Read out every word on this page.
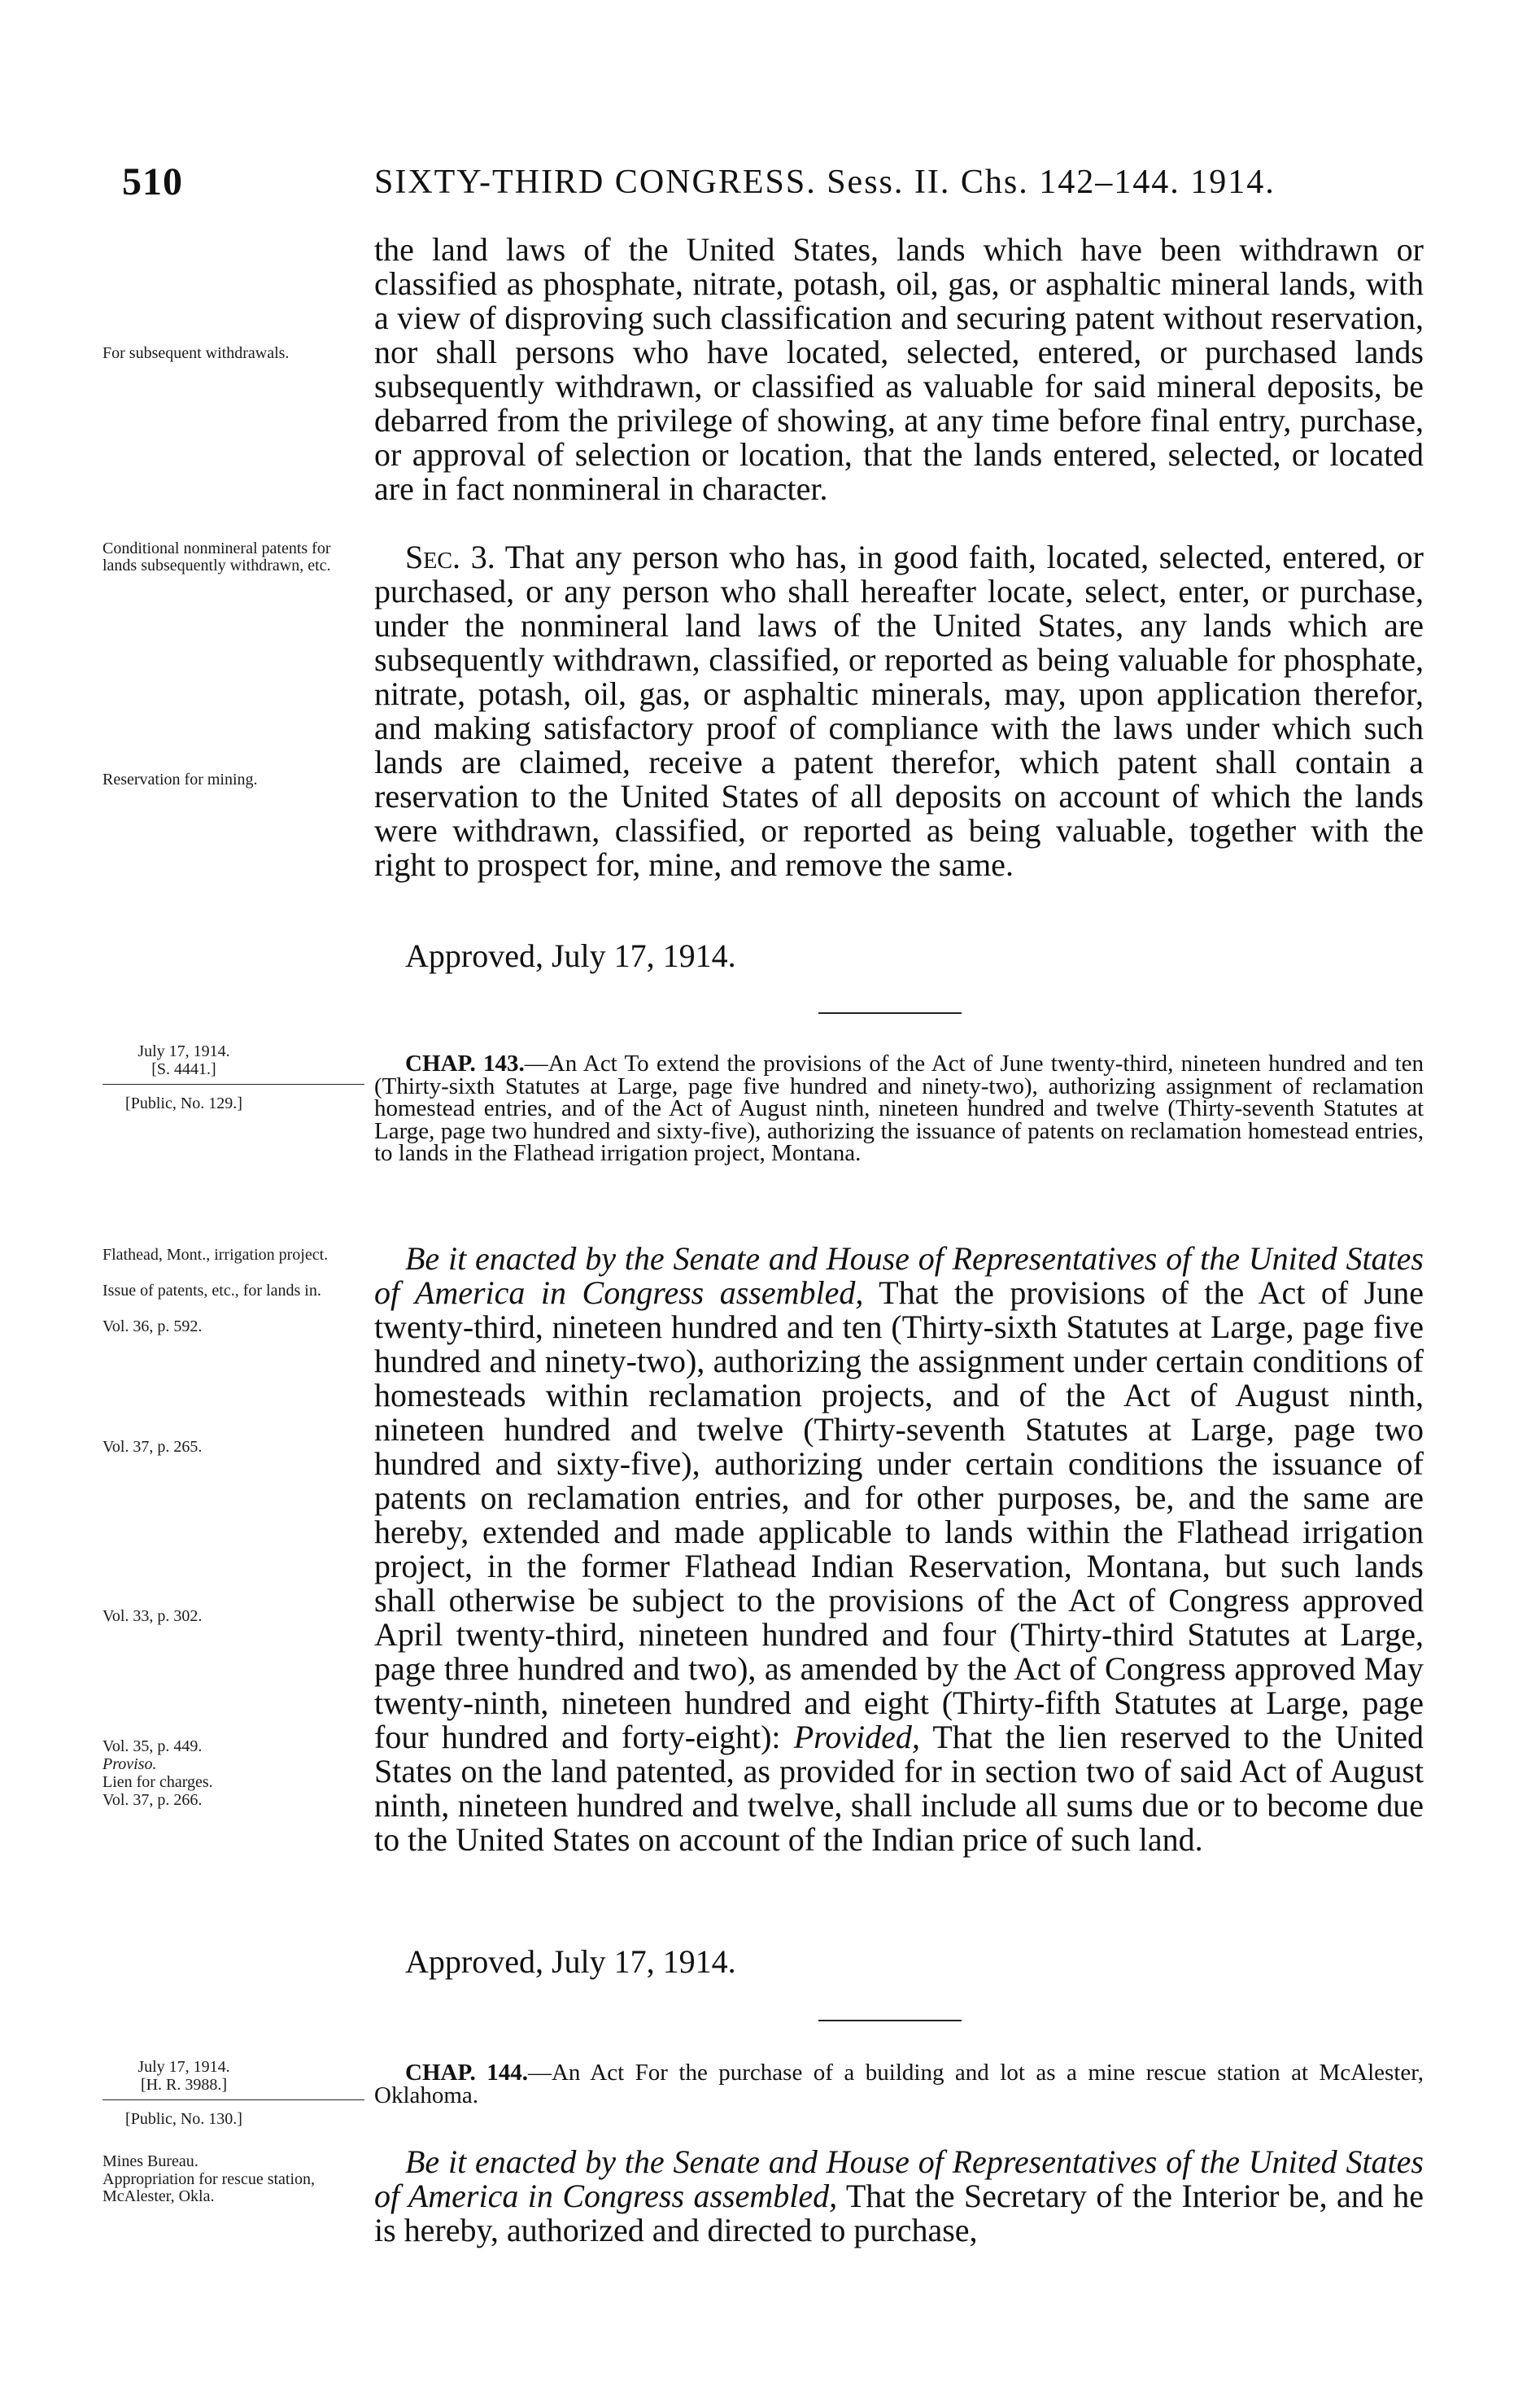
510	SIXTY-THIRD CONGRESS. Sess. II. Chs. 142–144. 1914.

the land laws of the United States, lands which have been withdrawn or classified as phosphate, nitrate, potash, oil, gas, or asphaltic mineral lands, with a view of disproving such classification and securing patent without reservation, nor shall persons who have located, selected, entered, or purchased lands subsequently withdrawn, or classified as valuable for said mineral deposits, be debarred from the privilege of showing, at any time before final entry, purchase, or approval of selection or location, that the lands entered, selected, or located are in fact nonmineral in character.

Sec. 3. That any person who has, in good faith, located, selected, entered, or purchased, or any person who shall hereafter locate, select, enter, or purchase, under the nonmineral land laws of the United States, any lands which are subsequently withdrawn, classified, or reported as being valuable for phosphate, nitrate, potash, oil, gas, or asphaltic minerals, may, upon application therefor, and making satisfactory proof of compliance with the laws under which such lands are claimed, receive a patent therefor, which patent shall contain a reservation to the United States of all deposits on account of which the lands were withdrawn, classified, or reported as being valuable, together with the right to prospect for, mine, and remove the same.

Approved, July 17, 1914.

CHAP. 143.—An Act To extend the provisions of the Act of June twenty-third, nineteen hundred and ten (Thirty-sixth Statutes at Large, page five hundred and ninety-two), authorizing assignment of reclamation homestead entries, and of the Act of August ninth, nineteen hundred and twelve (Thirty-seventh Statutes at Large, page two hundred and sixty-five), authorizing the issuance of patents on reclamation homestead entries, to lands in the Flathead irrigation project, Montana.

Be it enacted by the Senate and House of Representatives of the United States of America in Congress assembled, That the provisions of the Act of June twenty-third, nineteen hundred and ten (Thirty-sixth Statutes at Large, page five hundred and ninety-two), authorizing the assignment under certain conditions of homesteads within reclamation projects, and of the Act of August ninth, nineteen hundred and twelve (Thirty-seventh Statutes at Large, page two hundred and sixty-five), authorizing under certain conditions the issuance of patents on reclamation entries, and for other purposes, be, and the same are hereby, extended and made applicable to lands within the Flathead irrigation project, in the former Flathead Indian Reservation, Montana, but such lands shall otherwise be subject to the provisions of the Act of Congress approved April twenty-third, nineteen hundred and four (Thirty-third Statutes at Large, page three hundred and two), as amended by the Act of Congress approved May twenty-ninth, nineteen hundred and eight (Thirty-fifth Statutes at Large, page four hundred and forty-eight): Provided, That the lien reserved to the United States on the land patented, as provided for in section two of said Act of August ninth, nineteen hundred and twelve, shall include all sums due or to become due to the United States on account of the Indian price of such land.

Approved, July 17, 1914.

CHAP. 144.—An Act For the purchase of a building and lot as a mine rescue station at McAlester, Oklahoma.

Be it enacted by the Senate and House of Representatives of the United States of America in Congress assembled, That the Secretary of the Interior be, and he is hereby, authorized and directed to purchase,

For subsequent withdrawals.
Conditional nonmineral patents for lands subsequently withdrawn, etc.
Reservation for mining.
July 17, 1914.
[S. 4441.]
[Public, No. 129.]
Flathead, Mont., irrigation project.
Issue of patents, etc., for lands in.
Vol. 36, p. 592.
Vol. 37, p. 265.
Vol. 33, p. 302.
Vol. 35, p. 449.
Proviso.
Lien for charges.
Vol. 37, p. 266.
July 17, 1914.
[H. R. 3988.]
[Public, No. 130.]
Mines Bureau.
Appropriation for rescue station, McAlester, Okla.
